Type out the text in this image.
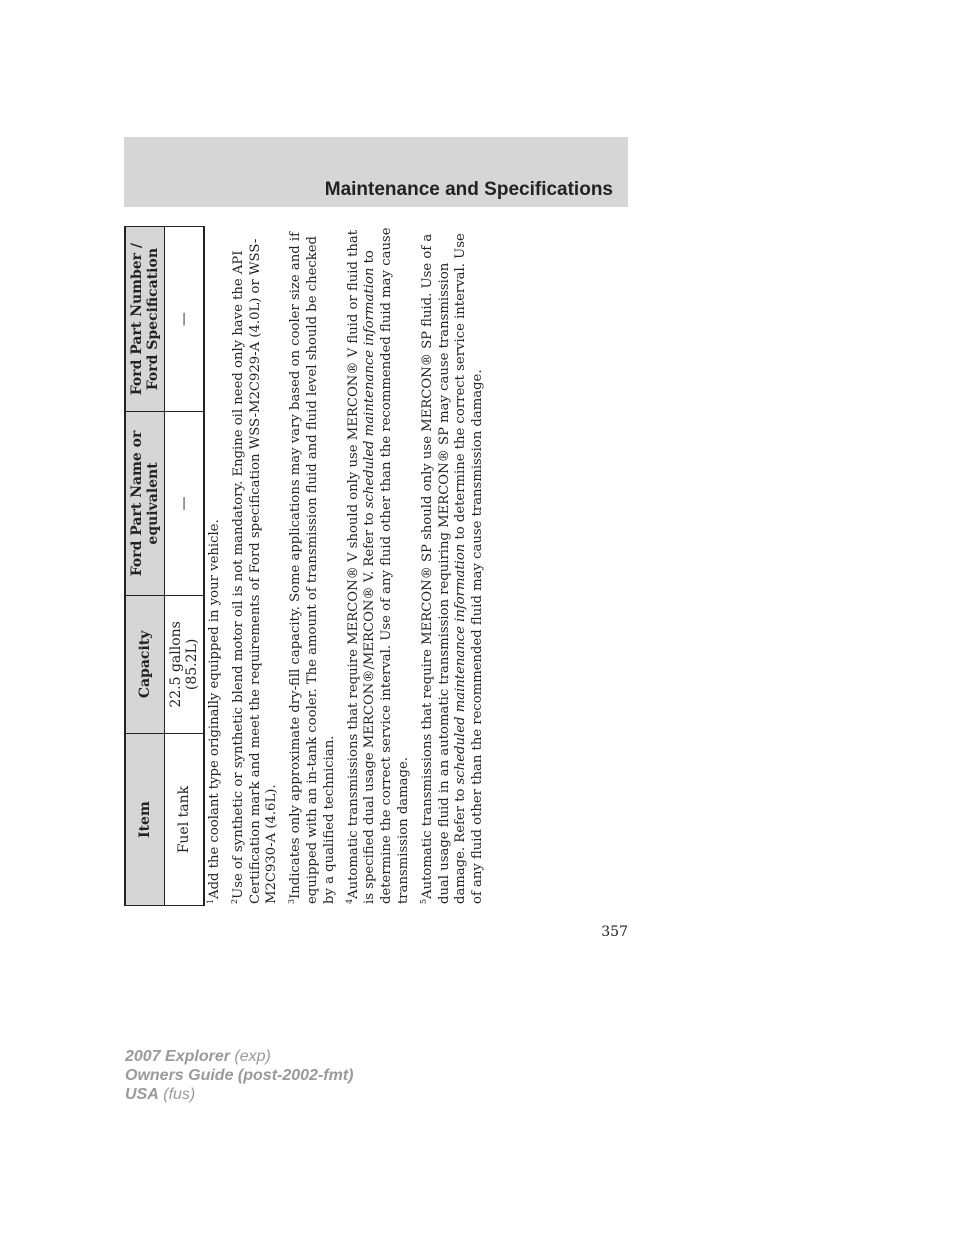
Maintenance and Specifications
Item	Capacity	Ford Part Name or equivalent	Ford Part Number / Ford Specification
Fuel tank	22.5 gallons (85.2L)	—	—

$^1$Add the coolant type originally equipped in your vehicle.

$^2$Use of synthetic or synthetic blend motor oil is not mandatory. Engine oil need only have the API Certification mark and meet the requirements of Ford specification WSS-M2C929-A (4.0L) or WSS-M2C930-A (4.6L). $^3$Indicates only approximate dry-fill capacity. Some applications may vary based on cooler size and if equipped with an in-tank cooler. The amount of transmission fluid and fluid level should be checked by a qualified technician. $^4$Automatic transmissions that require MERCON® V should only use MERCON® V fluid or fluid that is specified dual usage MERCON®/MERCON® V. Refer to scheduled maintenance information to determine the correct service interval. Use of any fluid other than the recommended fluid may cause transmission damage. $^5$Automatic transmissions that require MERCON® SP should only use MERCON® SP fluid. Use of a dual usage fluid in an automatic transmission requiring MERCON® SP may cause transmission damage. Refer to scheduled maintenance information to determine the correct service interval. Use of any fluid other than the recommended fluid may cause transmission damage.

357
2007 Explorer (exp)
Owners Guide (post-2002-fmt)
USA (fus)
